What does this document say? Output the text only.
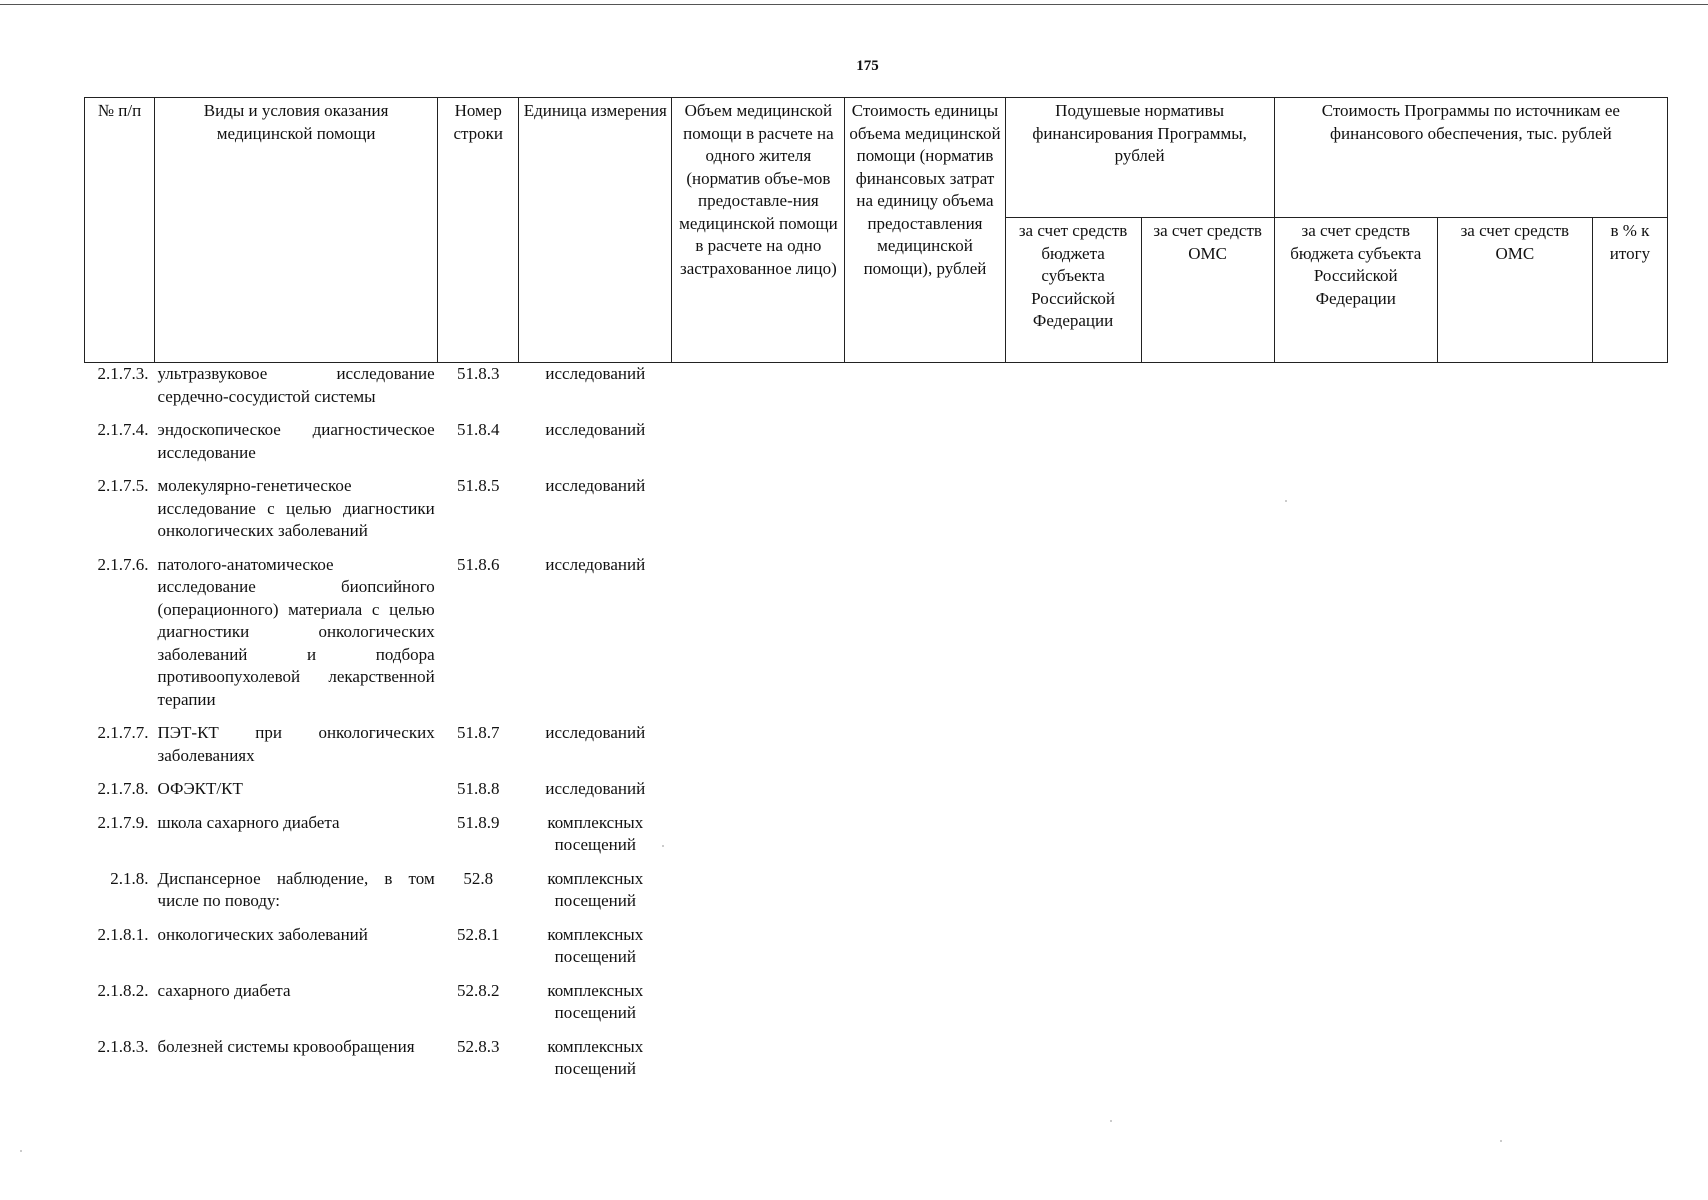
175
№ п/п	Виды и условия оказания медицинской помощи	Номер строки	Единица измерения	Объем медицинской помощи в расчете на одного жителя (норматив объе-мов предоставле-ния медицинской помощи в расчете на одно застрахованное лицо)	Стоимость единицы объема медицинской помощи (норматив финансовых затрат на единицу объема предоставления медицинской помощи), рублей	Подушевые нормативы финансирования Программы, рублей		Стоимость Программы по источникам ее финансового обеспечения, тыс. рублей		
						за счет средств бюджета субъекта Российской Федерации	за счет средств ОМС	за счет средств бюджета субъекта Российской Федерации	за счет средств ОМС	в % к итогу
2.1.7.3.	ультразвуковое исследование сердечно-сосудистой системы	51.8.3	исследований							
2.1.7.4.	эндоскопическое диагностическое исследование	51.8.4	исследований							
2.1.7.5.	молекулярно-генетическое исследование с целью диагностики онкологических заболеваний	51.8.5	исследований							
2.1.7.6.	патолого-анатомическое исследование биопсийного (операционного) материала с целью диагностики онкологических заболеваний и подбора противоопухолевой лекарственной терапии	51.8.6	исследований							
2.1.7.7.	ПЭТ-КТ при онкологических заболеваниях	51.8.7	исследований							
2.1.7.8.	ОФЭКТ/КТ	51.8.8	исследований							
2.1.7.9.	школа сахарного диабета	51.8.9	комплексных посещений							
2.1.8.	Диспансерное наблюдение, в том числе по поводу:	52.8	комплексных посещений							
2.1.8.1.	онкологических заболеваний	52.8.1	комплексных посещений							
2.1.8.2.	сахарного диабета	52.8.2	комплексных посещений							
2.1.8.3.	болезней системы кровообращения	52.8.3	комплексных посещений							
